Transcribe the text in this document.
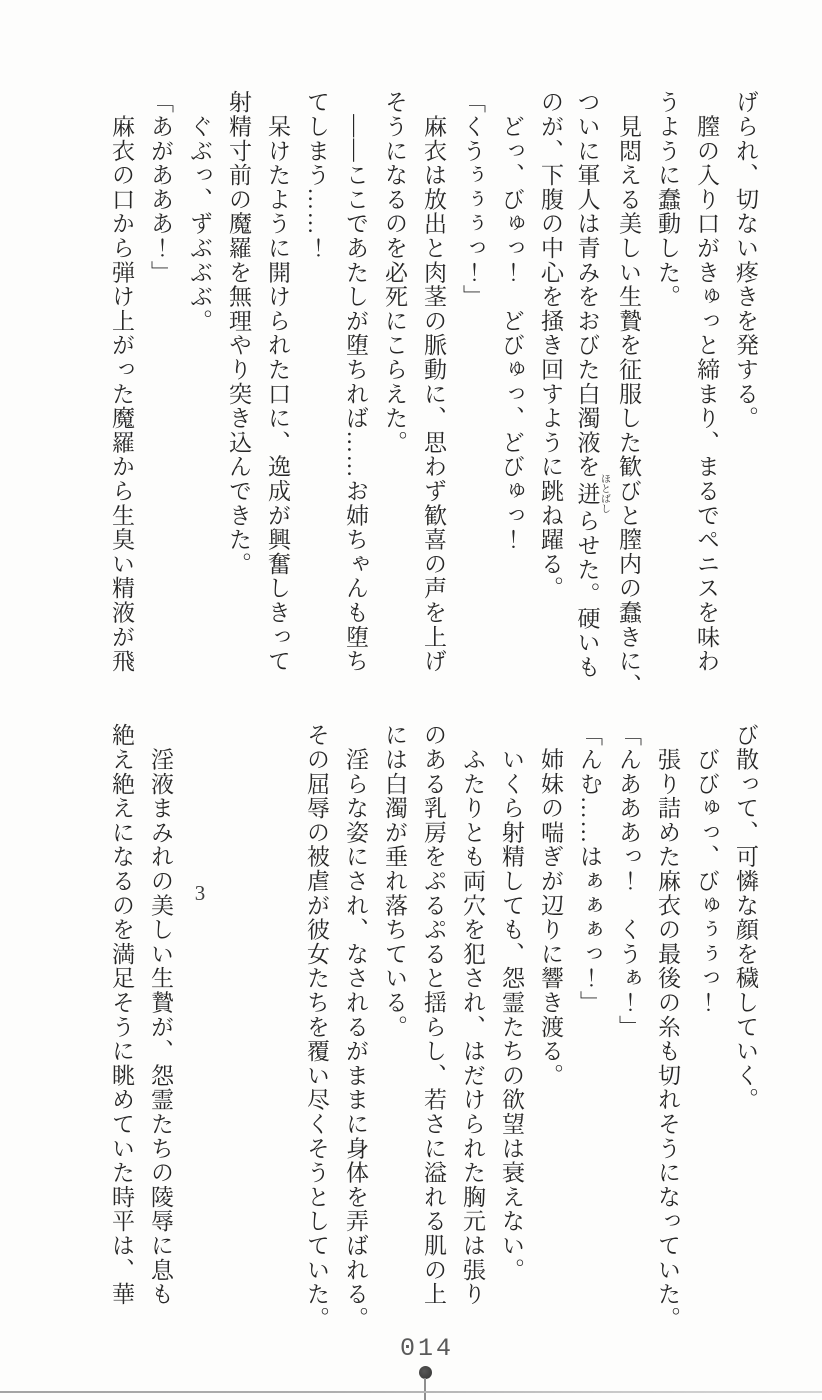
げられ、切ない疼きを発する。
　膣の入り口がきゅっと締まり、まるでペニスを味わ
うように蠢動した。
　見悶える美しい生贄を征服した歓びと膣内の蠢きに、
ついに軍人は青みをおびた白濁液を迸 ほとばしらせた。硬いも
のが、下腹の中心を掻き回すように跳ね躍る。
　どっ、びゅっ！　どびゅっ、どびゅっ！
「くうぅぅぅっ！」
　麻衣は放出と肉茎の脈動に、思わず歓喜の声を上げ
そうになるのを必死にこらえた。
　――ここであたしが堕ちれば……お姉ちゃんも堕ち
てしまう……！
　呆けたように開けられた口に、逸成が興奮しきって
射精寸前の魔羅を無理やり突き込んできた。
　ぐぶっ、ずぶぶぶ。
「あがあああ！」
　麻衣の口から弾け上がった魔羅から生臭い精液が飛
び散って、可憐な顔を穢していく。
　びびゅっ、びゅぅぅっ！
　張り詰めた麻衣の最後の糸も切れそうになっていた。
「んあああっ！　くうぁ！」
「んむ……はぁぁぁっ！」
　姉妹の喘ぎが辺りに響き渡る。
　いくら射精しても、怨霊たちの欲望は衰えない。
　ふたりとも両穴を犯され、はだけられた胸元は張り
のある乳房をぷるぷると揺らし、若さに溢れる肌の上
には白濁が垂れ落ちている。
　淫らな姿にされ、なされるがままに身体を弄ばれる。
その屈辱の被虐が彼女たちを覆い尽くそうとしていた。
3
　淫液まみれの美しい生贄が、怨霊たちの陵辱に息も
絶え絶えになるのを満足そうに眺めていた時平は、華
014
